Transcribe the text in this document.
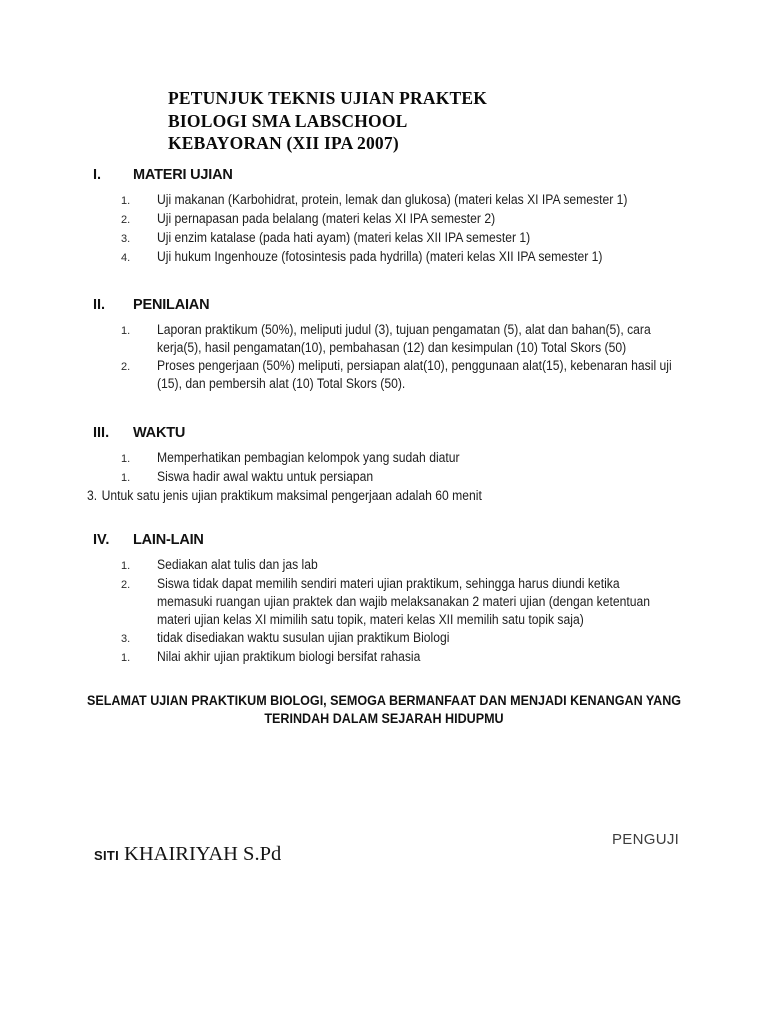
PETUNJUK TEKNIS UJIAN PRAKTEK
BIOLOGI SMA LABSCHOOL
KEBAYORAN (XII IPA 2007)
I.	MATERI UJIAN
1.	Uji makanan (Karbohidrat, protein, lemak dan glukosa) (materi kelas XI IPA semester 1)
2.	Uji pernapasan pada belalang (materi kelas XI IPA semester 2)
3.	Uji enzim katalase (pada hati ayam) (materi kelas XII IPA semester 1)
4.	Uji hukum Ingenhouze (fotosintesis pada hydrilla) (materi kelas XII IPA semester 1)
II.	PENILAIAN
1.	Laporan praktikum (50%), meliputi judul (3), tujuan pengamatan (5), alat dan bahan(5), cara kerja(5), hasil pengamatan(10), pembahasan (12) dan kesimpulan (10) Total Skors (50)
2.	Proses pengerjaan (50%) meliputi, persiapan alat(10), penggunaan alat(15), kebenaran hasil uji (15), dan pembersih alat (10) Total Skors (50).
III.	WAKTU
1.	Memperhatikan pembagian kelompok yang sudah diatur
1.	Siswa hadir awal waktu untuk persiapan
3. Untuk satu jenis ujian praktikum maksimal pengerjaan adalah 60 menit
IV.	LAIN-LAIN
1.	Sediakan alat tulis dan jas lab
2.	Siswa tidak dapat memilih sendiri materi ujian praktikum, sehingga harus diundi ketika memasuki ruangan ujian praktek dan wajib melaksanakan 2 materi ujian (dengan ketentuan materi ujian kelas XI mimilih satu topik, materi kelas XII memilih satu topik saja)
3.	tidak disediakan waktu susulan ujian praktikum Biologi
1.	Nilai akhir ujian praktikum biologi bersifat rahasia
SELAMAT UJIAN PRAKTIKUM BIOLOGI, SEMOGA BERMANFAAT DAN MENJADI KENANGAN YANG
TERINDAH DALAM SEJARAH HIDUPMU
PENGUJI
SITI KHAIRIYAH S.Pd
